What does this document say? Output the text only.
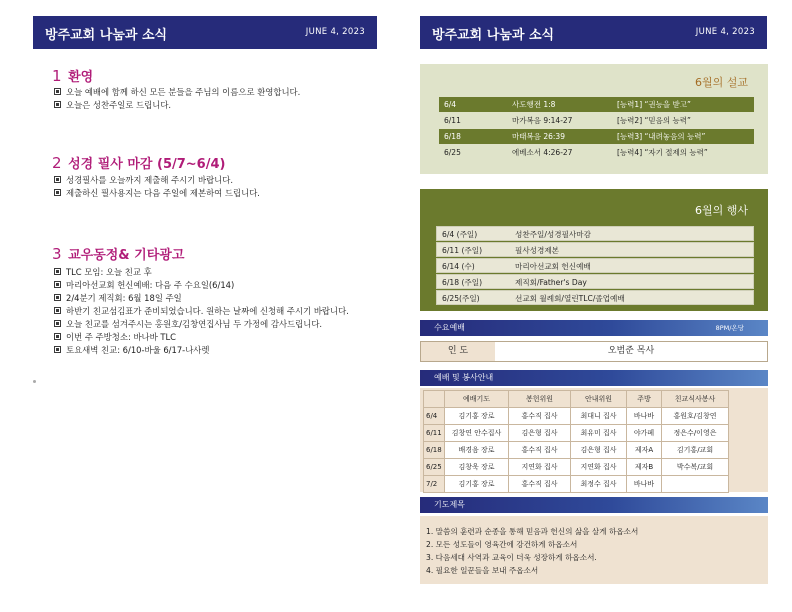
방주교회 나눔과 소식	JUNE 4, 2023
1 환영
오늘 예배에 함께 하신 모든 분들을 주님의 이름으로 환영합니다.
오늘은 성찬주일로 드립니다.
2 성경 필사 마감 (5/7~6/4)
성경필사를 오늘까지 제출해 주시기 바랍니다.
제출하신 필사용지는 다음 주일에 제본하여 드립니다.
3 교우동정& 기타광고
TLC 모임: 오늘 친교 후
마리아선교회 헌신예배: 다음 주 수요일(6/14)
2/4분기 제직회: 6월 18일 주일
하반기 친교섬김표가 준비되었습니다. 원하는 날짜에 신청해 주시기 바랍니다.
오늘 친교를 섬겨주시는 홍원호/김창연집사님 두 가정에 감사드립니다.
이번 주 주방청소: 바나바 TLC
토요새벽 친교: 6/10-바울 6/17-나사렛
방주교회 나눔과 소식	JUNE 4, 2023
6월의 설교
6/4	사도행전 1:8	[능력1] “권능을 받고”
6/11	마가복음 9:14-27	[능력2] “믿음의 능력”
6/18	마태복음 26:39	[능력3] “내려놓음의 능력”
6/25	에베소서 4:26-27	[능력4] “자기 절제의 능력”
6월의 행사
6/4 (주일)	성찬주일/성경필사마감
6/11 (주일)	필사성경제본
6/14 (수)	마리아선교회 헌신예배
6/18 (주일)	제직회/Father's Day
6/25(주일)	선교회 월례회/열린TLC/졸업예배
수요예배	8PM/온당
인 도	오범준 목사
예배 및 봉사안내
	예배기도	봉헌위원	안내위원	주방	친교식사봉사
6/4	김기홍 장로	홍수직 집사	최대니 집사	바나바	홍원호/김창연
6/11	김창연 안수집사	김은형 집사	최유미 집사	야가페	정은수/이영은
6/18	배경음 장로	홍수직 집사	김은형 집사	제자A	김기홍/교회
6/25	김창욱 장로	지연화 집사	지연화 집사	제자B	박수복/교회
7/2	김기홍 장로	홍수직 집사	최정수 집사	바나바	
기도제목
1. 말씀의 훈련과 순종을 통해 믿음과 헌신의 삶을 살게 하옵소서
2. 모든 성도들이 영육간에 강건하게 하옵소서
3. 다음세대 사역과 교육이 더욱 성장하게 하옵소서.
4. 필요한 일꾼들을 보내 주옵소서
